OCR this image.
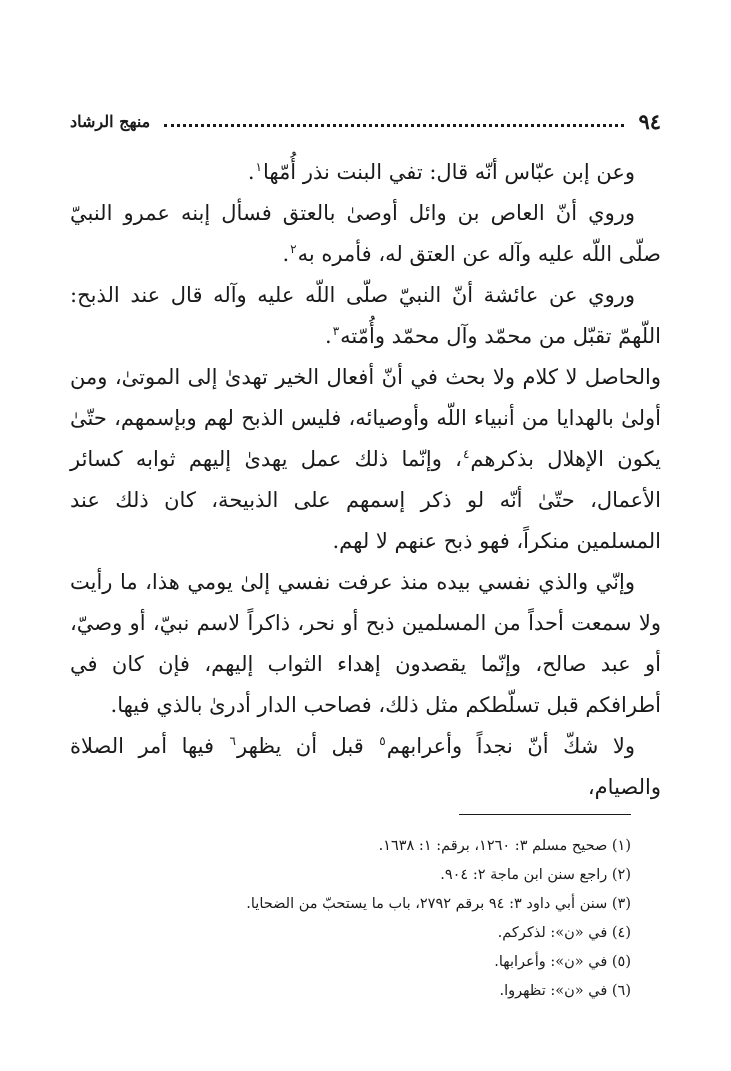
٩٤
منهج الرشاد

وعن إبن عبّاس أنّه قال: تفي البنت نذر أُمّها$^١$.

وروي أنّ العاص بن وائل أوصىٰ بالعتق فسأل إبنه عمرو النبيّ صلّى اللّه عليه وآله عن العتق له، فأمره به$^٢$.

وروي عن عائشة أنّ النبيّ صلّى اللّه عليه وآله قال عند الذبح: اللّهمّ تقبّل من محمّد وآل محمّد وأُمّته$^٣$.

والحاصل لا كلام ولا بحث في أنّ أفعال الخير تهدىٰ إلى الموتىٰ، ومن أولىٰ بالهدايا من أنبياء اللّه وأوصيائه، فليس الذبح لهم وبإسمهم، حتّىٰ يكون الإهلال بذكرهم$^٤$، وإنّما ذلك عمل يهدىٰ إليهم ثوابه كسائر الأعمال، حتّىٰ أنّه لو ذكر إسمهم على الذبيحة، كان ذلك عند المسلمين منكراً، فهو ذبح عنهم لا لهم.

وإنّي والذي نفسي بيده منذ عرفت نفسي إلىٰ يومي هذا، ما رأيت ولا سمعت أحداً من المسلمين ذبح أو نحر، ذاكراً لاسم نبيّ، أو وصيّ، أو عبد صالح، وإنّما يقصدون إهداء الثواب إليهم، فإن كان في أطرافكم قبل تسلّطكم مثل ذلك، فصاحب الدار أدرىٰ بالذي فيها.

ولا شكّ أنّ نجداً وأعرابهم$^٥$ قبل أن يظهر$^٦$ فيها أمر الصلاة والصيام،

(١) صحيح مسلم ٣: ١٢٦٠، برقم: ١: ١٦٣٨.

(٢) راجع سنن ابن ماجة ٢: ٩٠٤.

(٣) سنن أبي داود ٣: ٩٤ برقم ٢٧٩٢، باب ما يستحبّ من الضحايا.

(٤) في «ن»: لذكركم.

(٥) في «ن»: وأعرابها.

(٦) في «ن»: تظهروا.
